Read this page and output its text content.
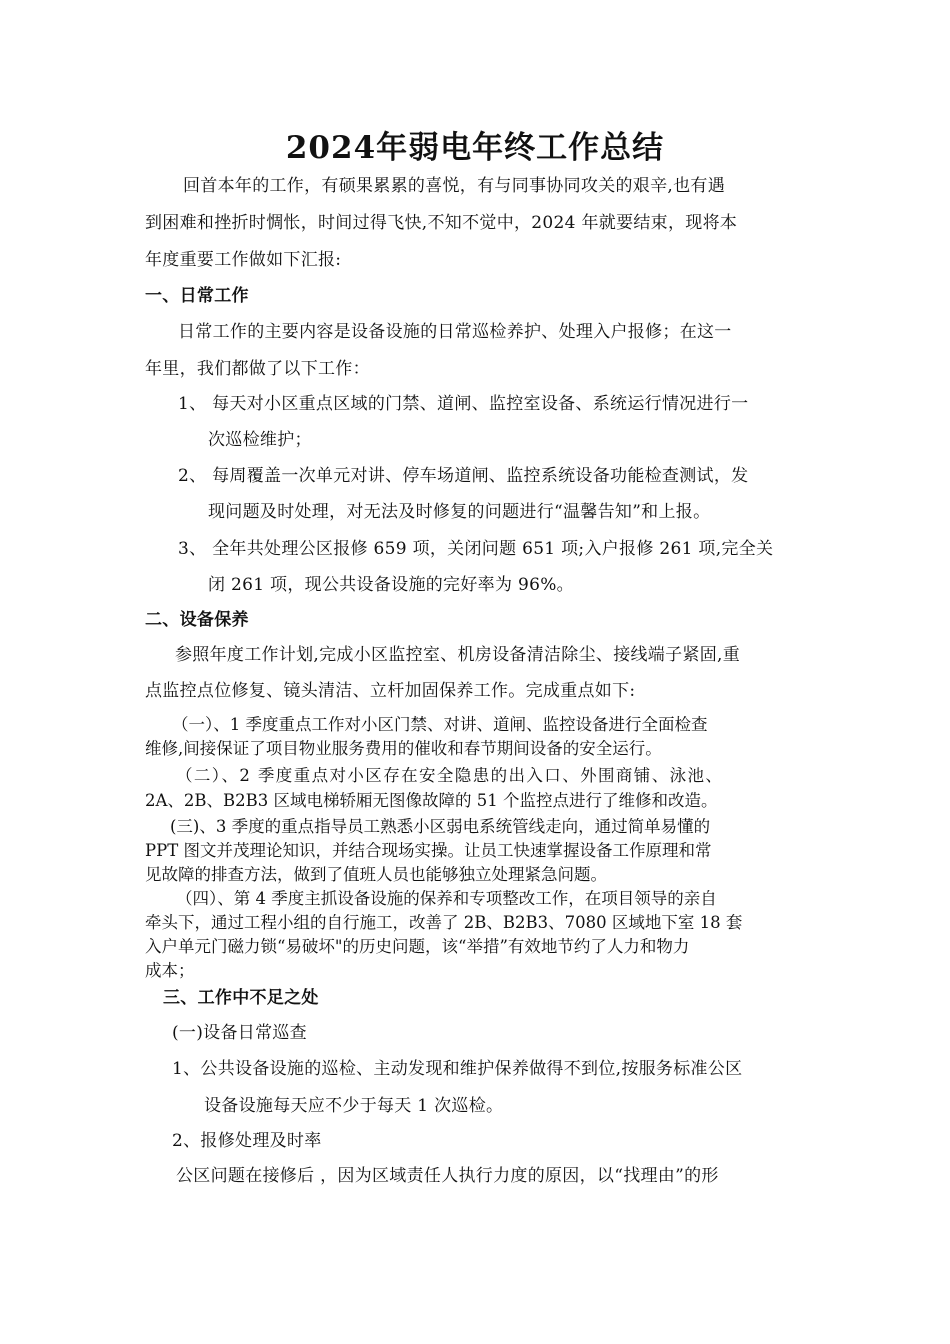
2024年弱电年终工作总结
回首本年的工作，有硕果累累的喜悦，有与同事协同攻关的艰辛,也有遇
到困难和挫折时惆怅，时间过得飞快,不知不觉中，2024 年就要结束，现将本
年度重要工作做如下汇报:
一、日常工作
日常工作的主要内容是设备设施的日常巡检养护、处理入户报修；在这一
年里，我们都做了以下工作：
1、 每天对小区重点区域的门禁、道闸、监控室设备、系统运行情况进行一
次巡检维护；
2、 每周覆盖一次单元对讲、停车场道闸、监控系统设备功能检查测试，发
现问题及时处理，对无法及时修复的问题进行“温馨告知”和上报。
3、 全年共处理公区报修 659 项，关闭问题 651 项;入户报修 261 项,完全关
闭 261 项，现公共设备设施的完好率为 96%。
二、设备保养
参照年度工作计划,完成小区监控室、机房设备清洁除尘、接线端子紧固,重
点监控点位修复、镜头清洁、立杆加固保养工作。完成重点如下:
（一）、1 季度重点工作对小区门禁、对讲、道闸、监控设备进行全面检查
维修,间接保证了项目物业服务费用的催收和春节期间设备的安全运行。
（二）、2 季度重点对小区存在安全隐患的出入口、外围商铺、泳池、
2A、2B、B2B3 区域电梯轿厢无图像故障的 51 个监控点进行了维修和改造。
(三)、3 季度的重点指导员工熟悉小区弱电系统管线走向，通过简单易懂的
PPT 图文并茂理论知识，并结合现场实操。让员工快速掌握设备工作原理和常
见故障的排查方法，做到了值班人员也能够独立处理紧急问题。
（四）、第 4 季度主抓设备设施的保养和专项整改工作，在项目领导的亲自
牵头下，通过工程小组的自行施工，改善了 2B、B2B3、7080 区域地下室 18 套
入户单元门磁力锁“易破坏"的历史问题，该“举措”有效地节约了人力和物力
成本；
三、工作中不足之处
(一)设备日常巡查
1、公共设备设施的巡检、主动发现和维护保养做得不到位,按服务标准公区
设备设施每天应不少于每天 1 次巡检。
2、报修处理及时率
公区问题在接修后 ，因为区域责任人执行力度的原因，以“找理由”的形
